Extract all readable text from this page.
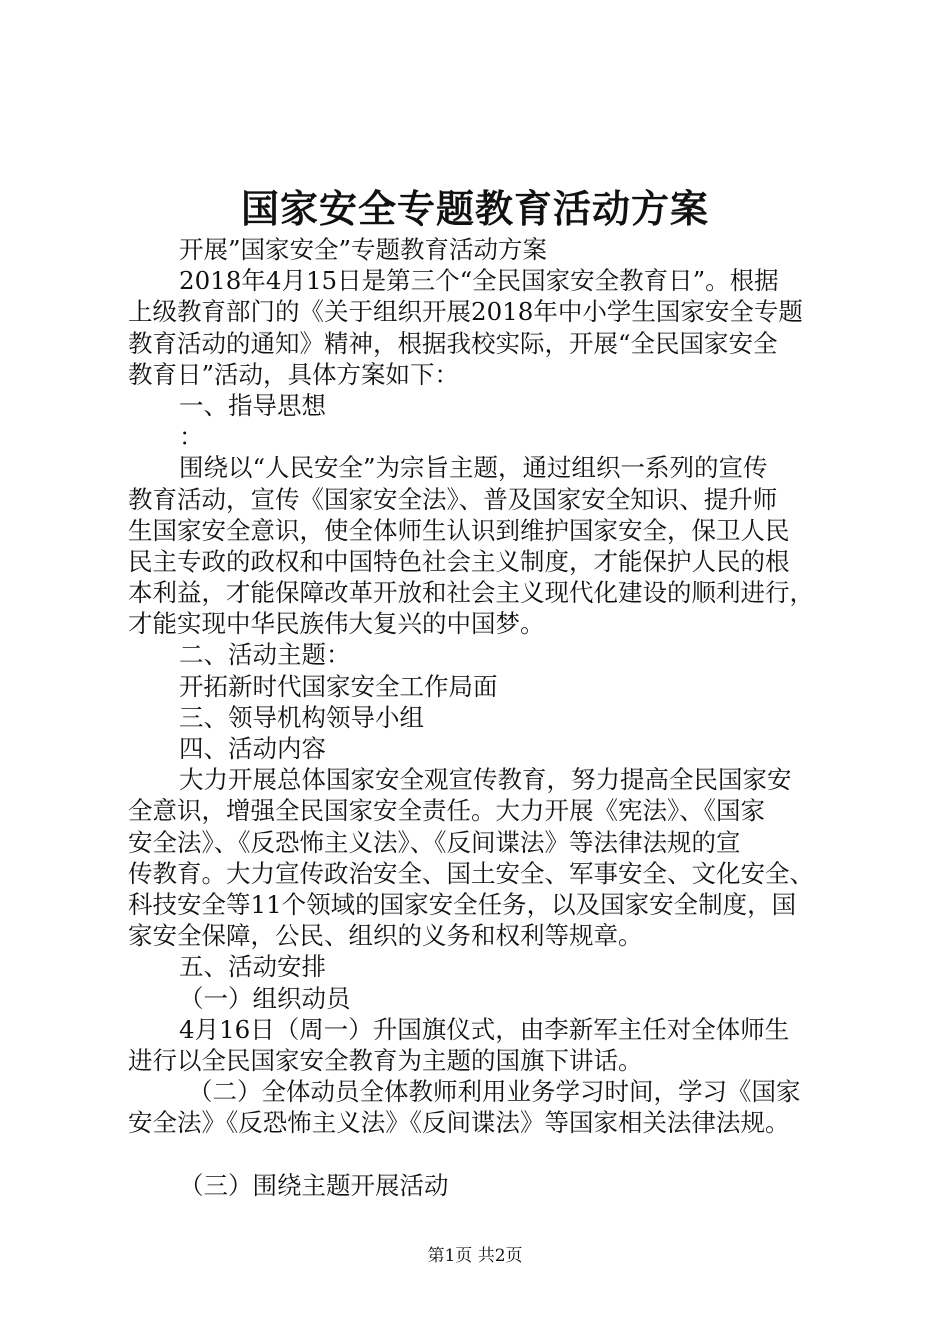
国家安全专题教育活动方案
开展”国家安全”专题教育活动方案
2018年4月15日是第三个“全民国家安全教育日”。根据
上级教育部门的《关于组织开展2018年中小学生国家安全专题
教育活动的通知》精神，根据我校实际，开展“全民国家安全
教育日”活动，具体方案如下：
一、指导思想
：
围绕以“人民安全”为宗旨主题，通过组织一系列的宣传
教育活动，宣传《国家安全法》、普及国家安全知识、提升师
生国家安全意识，使全体师生认识到维护国家安全，保卫人民
民主专政的政权和中国特色社会主义制度，才能保护人民的根
本利益，才能保障改革开放和社会主义现代化建设的顺利进行，
才能实现中华民族伟大复兴的中国梦。
二、活动主题：
开拓新时代国家安全工作局面
三、领导机构领导小组
四、活动内容
大力开展总体国家安全观宣传教育，努力提高全民国家安
全意识，增强全民国家安全责任。大力开展《宪法》、《国家
安全法》、《反恐怖主义法》、《反间谍法》等法律法规的宣
传教育。大力宣传政治安全、国土安全、军事安全、文化安全、
科技安全等11个领域的国家安全任务，以及国家安全制度，国
家安全保障，公民、组织的义务和权利等规章。
五、活动安排
（一）组织动员
4月16日（周一）升国旗仪式，由李新军主任对全体师生
进行以全民国家安全教育为主题的国旗下讲话。
（二）全体动员全体教师利用业务学习时间，学习《国家
安全法》《反恐怖主义法》《反间谍法》等国家相关法律法规。
（三）围绕主题开展活动
第1页 共2页
